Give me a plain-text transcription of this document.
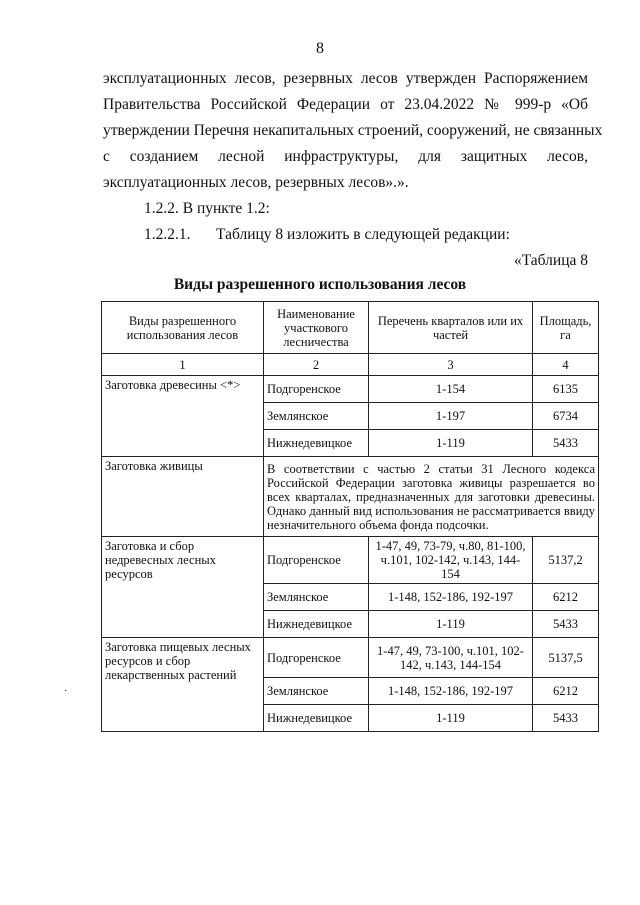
8
эксплуатационных лесов, резервных лесов утвержден Распоряжением
Правительства Российской Федерации от 23.04.2022 № 999-р «Об
утверждении Перечня некапитальных строений, сооружений, не связанных
с созданием лесной инфраструктуры, для защитных лесов,
эксплуатационных лесов, резервных лесов».».
1.2.2. В пункте 1.2:
1.2.2.1. Таблицу 8 изложить в следующей редакции:
«Таблица 8
Виды разрешенного использования лесов
Виды разрешенного использования лесов	Наименование участкового лесничества	Перечень кварталов или их частей	Площадь, га
1	2	3	4
Заготовка древесины <*>	Подгоренское	1-154	6135
	Землянское	1-197	6734
	Нижнедевицкое	1-119	5433
Заготовка живицы	В соответствии с частью 2 статьи 31 Лесного кодекса Российской Федерации заготовка живицы разрешается во всех кварталах, предназначенных для заготовки древесины. Однако данный вид использования не рассматривается ввиду незначительного объема фонда подсочки.		
Заготовка и сбор недревесных лесных ресурсов	Подгоренское	1-47, 49, 73-79, ч.80, 81-100, ч.101, 102-142, ч.143, 144-154	5137,2
	Землянское	1-148, 152-186, 192-197	6212
	Нижнедевицкое	1-119	5433
Заготовка пищевых лесных ресурсов и сбор лекарственных растений	Подгоренское	1-47, 49, 73-100, ч.101, 102-142, ч.143, 144-154	5137,5
	Землянское	1-148, 152-186, 192-197	6212
	Нижнедевицкое	1-119	5433
·
